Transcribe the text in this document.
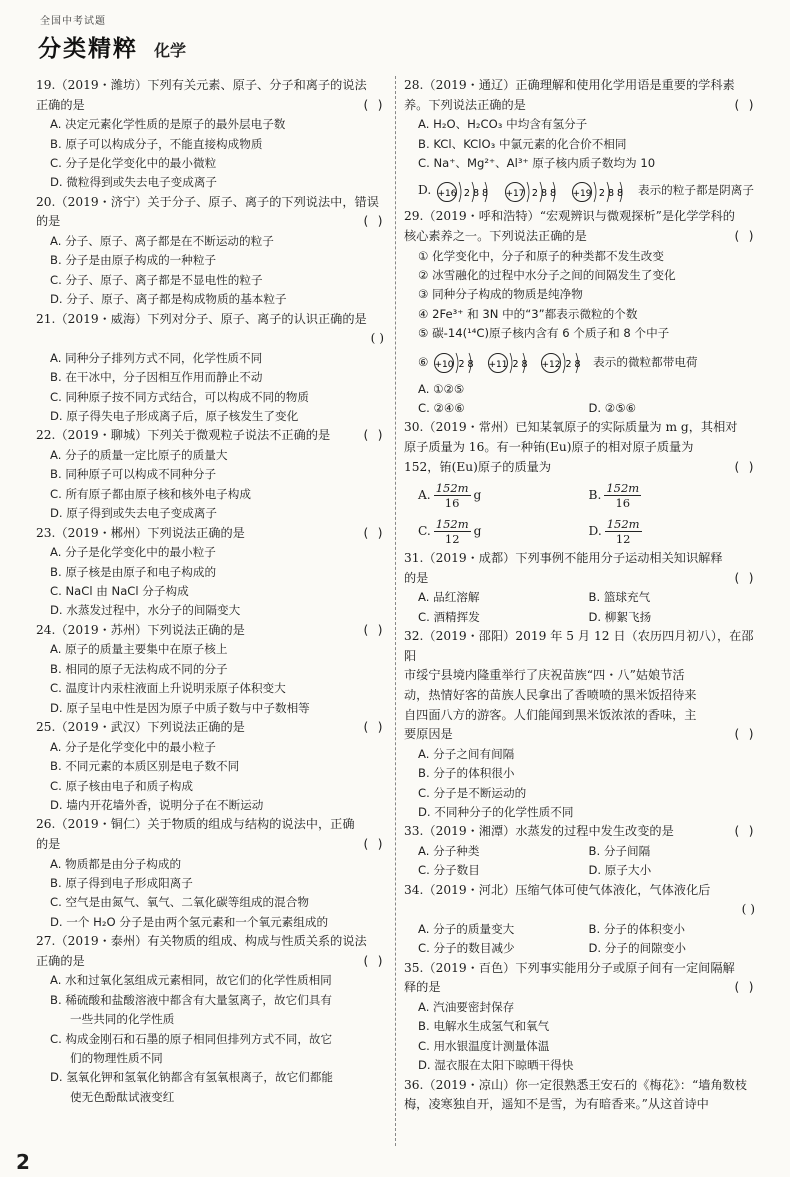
全国中考试题
分类精粹 化学
19.（2019・潍坊）下列有关元素、原子、分子和离子的说法
正确的是	( )
A. 决定元素化学性质的是原子的最外层电子数
B. 原子可以构成分子，不能直接构成物质
C. 分子是化学变化中的最小微粒
D. 微粒得到或失去电子变成离子
20.（2019・济宁）关于分子、原子、离子的下列说法中，错误
的是	( )
A. 分子、原子、离子都是在不断运动的粒子
B. 分子是由原子构成的一种粒子
C. 分子、原子、离子都是不显电性的粒子
D. 分子、原子、离子都是构成物质的基本粒子
21.（2019・威海）下列对分子、原子、离子的认识正确的是
( )
A. 同种分子排列方式不同，化学性质不同
B. 在干冰中，分子因相互作用而静止不动
C. 同种原子按不同方式结合，可以构成不同的物质
D. 原子得失电子形成离子后，原子核发生了变化
22.（2019・聊城）下列关于微观粒子说法不正确的是	( )
A. 分子的质量一定比原子的质量大
B. 同种原子可以构成不同种分子
C. 所有原子都由原子核和核外电子构成
D. 原子得到或失去电子变成离子
23.（2019・郴州）下列说法正确的是	( )
A. 分子是化学变化中的最小粒子
B. 原子核是由原子和电子构成的
C. NaCl 由 NaCl 分子构成
D. 水蒸发过程中，水分子的间隔变大
24.（2019・苏州）下列说法正确的是	( )
A. 原子的质量主要集中在原子核上
B. 相同的原子无法构成不同的分子
C. 温度计内汞柱液面上升说明汞原子体积变大
D. 原子呈电中性是因为原子中质子数与中子数相等
25.（2019・武汉）下列说法正确的是	( )
A. 分子是化学变化中的最小粒子
B. 不同元素的本质区别是电子数不同
C. 原子核由电子和质子构成
D. 墙内开花墙外香，说明分子在不断运动
26.（2019・铜仁）关于物质的组成与结构的说法中，正确
的是	( )
A. 物质都是由分子构成的
B. 原子得到电子形成阳离子
C. 空气是由氮气、氧气、二氧化碳等组成的混合物
D. 一个 H₂O 分子是由两个氢元素和一个氧元素组成的
27.（2019・泰州）有关物质的组成、构成与性质关系的说法
正确的是	( )
A. 水和过氧化氢组成元素相同，故它们的化学性质相同
B. 稀硫酸和盐酸溶液中都含有大量氢离子，故它们具有
一些共同的化学性质
C. 构成金刚石和石墨的原子相同但排列方式不同，故它
们的物理性质不同
D. 氢氧化钾和氢氧化钠都含有氢氧根离子，故它们都能
使无色酚酞试液变红
28.（2019・通辽）正确理解和使用化学用语是重要的学科素
养。下列说法正确的是	( )
A. H₂O、H₂CO₃ 中均含有氢分子
B. KCl、KClO₃ 中氯元素的化合价不相同
C. Na⁺、Mg²⁺、Al³⁺ 原子核内质子数均为 10
D. +16 2 8 8
+17 2 8 8
+19 2 8 8 表示的粒子都是阴离子
29.（2019・呼和浩特）“宏观辨识与微观探析”是化学学科的
核心素养之一。下列说法正确的是	( )
① 化学变化中，分子和原子的种类都不发生改变
② 冰雪融化的过程中水分子之间的间隔发生了变化
③ 同种分子构成的物质是纯净物
④ 2Fe³⁺ 和 3N 中的“3”都表示微粒的个数
⑤ 碳-14(¹⁴C)原子核内含有 6 个质子和 8 个中子
⑥ +10 2 8
+11 2 8
+12 2 8 表示的微粒都带电荷
A. ①②⑤
C. ②④⑥	D. ②⑤⑥
30.（2019・常州）已知某氧原子的实际质量为 m g，其相对
原子质量为 16。有一种铕(Eu)原子的相对原子质量为
152，铕(Eu)原子的质量为	( )
A. $\frac{152m}{16}$ g	B. $\frac{152m}{16}$
C. $\frac{152m}{12}$ g	D. $\frac{152m}{12}$
31.（2019・成都）下列事例不能用分子运动相关知识解释
的是	( )
A. 品红溶解	B. 篮球充气
C. 酒精挥发	D. 柳絮飞扬
32.（2019・邵阳）2019 年 5 月 12 日（农历四月初八），在邵阳
市绥宁县境内隆重举行了庆祝苗族“四・八”姑娘节活
动，热情好客的苗族人民拿出了香喷喷的黑米饭招待来
自四面八方的游客。人们能闻到黑米饭浓浓的香味，主
要原因是	( )
A. 分子之间有间隔
B. 分子的体积很小
C. 分子是不断运动的
D. 不同种分子的化学性质不同
33.（2019・湘潭）水蒸发的过程中发生改变的是	( )
A. 分子种类	B. 分子间隔
C. 分子数目	D. 原子大小
34.（2019・河北）压缩气体可使气体液化，气体液化后
( )
A. 分子的质量变大	B. 分子的体积变小
C. 分子的数目减少	D. 分子的间隙变小
35.（2019・百色）下列事实能用分子或原子间有一定间隔解
释的是	( )
A. 汽油要密封保存
B. 电解水生成氢气和氧气
C. 用水银温度计测量体温
D. 湿衣服在太阳下晾晒干得快
36.（2019・凉山）你一定很熟悉王安石的《梅花》：“墙角数枝
梅，凌寒独自开，遥知不是雪，为有暗香来。”从这首诗中
2
